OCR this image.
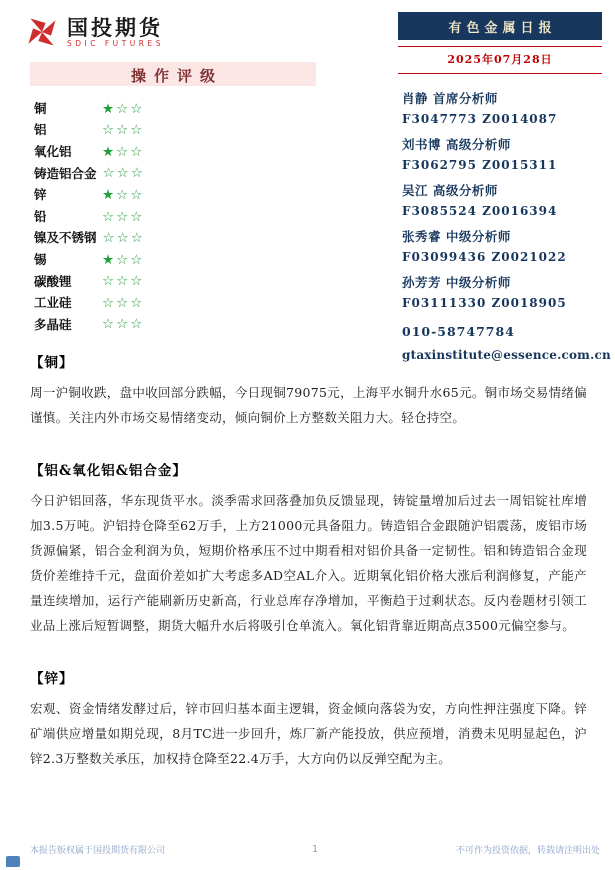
国投期货
SDIC FUTURES
有色金属日报
2025年07月28日
操作评级
铜	★☆☆
铝	☆☆☆
氧化铝	★☆☆
铸造铝合金 ☆☆☆
锌	★☆☆
铅	☆☆☆
镍及不锈钢 ☆☆☆
锡	★☆☆
碳酸锂	☆☆☆
工业硅	☆☆☆
多晶硅	☆☆☆
肖静 首席分析师
F3047773 Z0014087
刘书博 高级分析师
F3062795 Z0015311
吴江 高级分析师
F3085524 Z0016394
张秀睿 中级分析师
F03099436 Z0021022
孙芳芳 中级分析师
F03111330 Z0018905
010-58747784
gtaxinstitute@essence.com.cn
【铜】
周一沪铜收跌，盘中收回部分跌幅，今日现铜79075元，上海平水铜升水65元。铜市场交易情绪偏谨慎。关注内外市场交易情绪变动，倾向铜价上方整数关阻力大。轻仓持空。
【铝&氧化铝&铝合金】
今日沪铝回落，华东现货平水。淡季需求回落叠加负反馈显现，铸锭量增加后过去一周铝锭社库增加3.5万吨。沪铝持仓降至62万手，上方21000元具备阻力。铸造铝合金跟随沪铝震荡，废铝市场货源偏紧，铝合金利润为负，短期价格承压不过中期看相对铝价具备一定韧性。铝和铸造铝合金现货价差维持千元，盘面价差如扩大考虑多AD空AL介入。近期氧化铝价格大涨后利润修复，产能产量连续增加，运行产能刷新历史新高，行业总库存净增加，平衡趋于过剩状态。反内卷题材引领工业品上涨后短暂调整，期货大幅升水后将吸引仓单流入。氧化铝背靠近期高点3500元偏空参与。
【锌】
宏观、资金情绪发酵过后，锌市回归基本面主逻辑，资金倾向落袋为安，方向性押注强度下降。锌矿端供应增量如期兑现，8月TC进一步回升，炼厂新产能投放，供应预增，消费未见明显起色，沪锌2.3万整数关承压，加权持仓降至22.4万手，大方向仍以反弹空配为主。
本报告版权属于国投期货有限公司	1	不可作为投资依据，转载请注明出处
